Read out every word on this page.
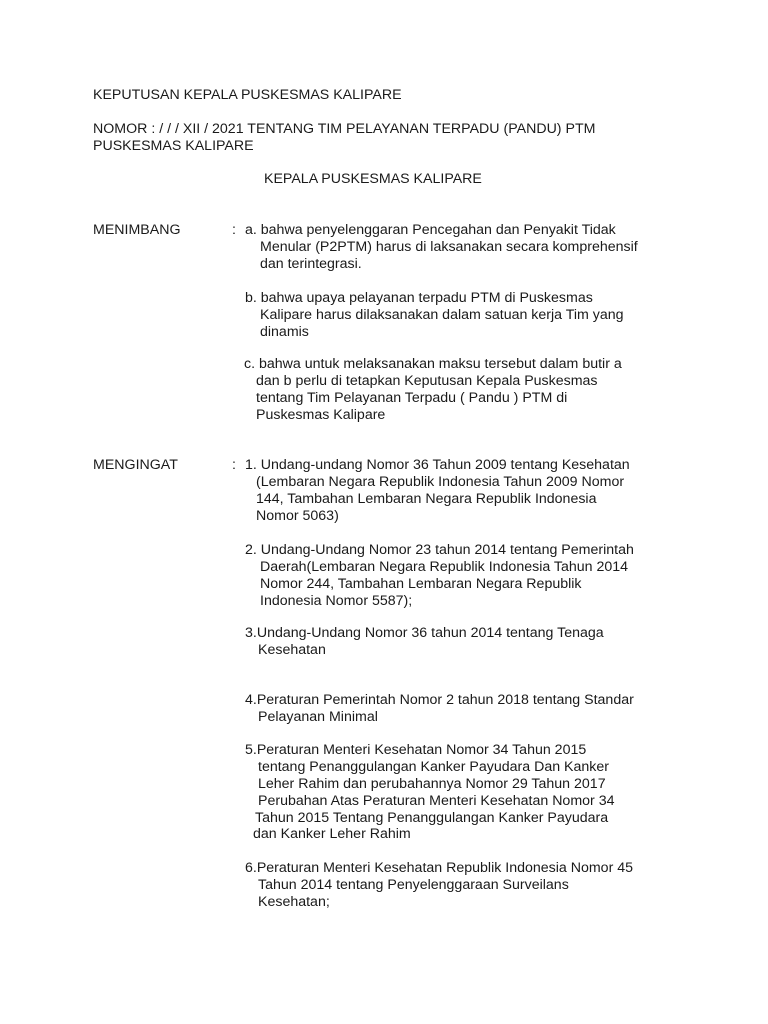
KEPUTUSAN KEPALA PUSKESMAS KALIPARE

NOMOR : / / / XII / 2021 TENTANG TIM PELAYANAN TERPADU (PANDU) PTM

PUSKESMAS KALIPARE

KEPALA PUSKESMAS KALIPARE

MENIMBANG	: a. bahwa penyelenggaran Pencegahan dan Penyakit Tidak

Menular (P2PTM) harus di laksanakan secara komprehensif

dan terintegrasi.

b. bahwa upaya pelayanan terpadu PTM di Puskesmas

Kalipare harus dilaksanakan dalam satuan kerja Tim yang

dinamis

c. bahwa untuk melaksanakan maksu tersebut dalam butir a

dan b perlu di tetapkan Keputusan Kepala Puskesmas

tentang Tim Pelayanan Terpadu ( Pandu ) PTM di

Puskesmas Kalipare

MENGINGAT	: 1. Undang-undang Nomor 36 Tahun 2009 tentang Kesehatan

(Lembaran Negara Republik Indonesia Tahun 2009 Nomor

144, Tambahan Lembaran Negara Republik Indonesia

Nomor 5063)

2. Undang-Undang Nomor 23 tahun 2014 tentang Pemerintah

Daerah(Lembaran Negara Republik Indonesia Tahun 2014

Nomor 244, Tambahan Lembaran Negara Republik

Indonesia Nomor 5587);

3.Undang-Undang Nomor 36 tahun 2014 tentang Tenaga

Kesehatan

4.Peraturan Pemerintah Nomor 2 tahun 2018 tentang Standar

Pelayanan Minimal

5.Peraturan Menteri Kesehatan Nomor 34 Tahun 2015

tentang Penanggulangan Kanker Payudara Dan Kanker

Leher Rahim dan perubahannya Nomor 29 Tahun 2017

Perubahan Atas Peraturan Menteri Kesehatan Nomor 34

Tahun 2015 Tentang Penanggulangan Kanker Payudara

dan Kanker Leher Rahim

6.Peraturan Menteri Kesehatan Republik Indonesia Nomor 45

Tahun 2014 tentang Penyelenggaraan Surveilans

Kesehatan;
